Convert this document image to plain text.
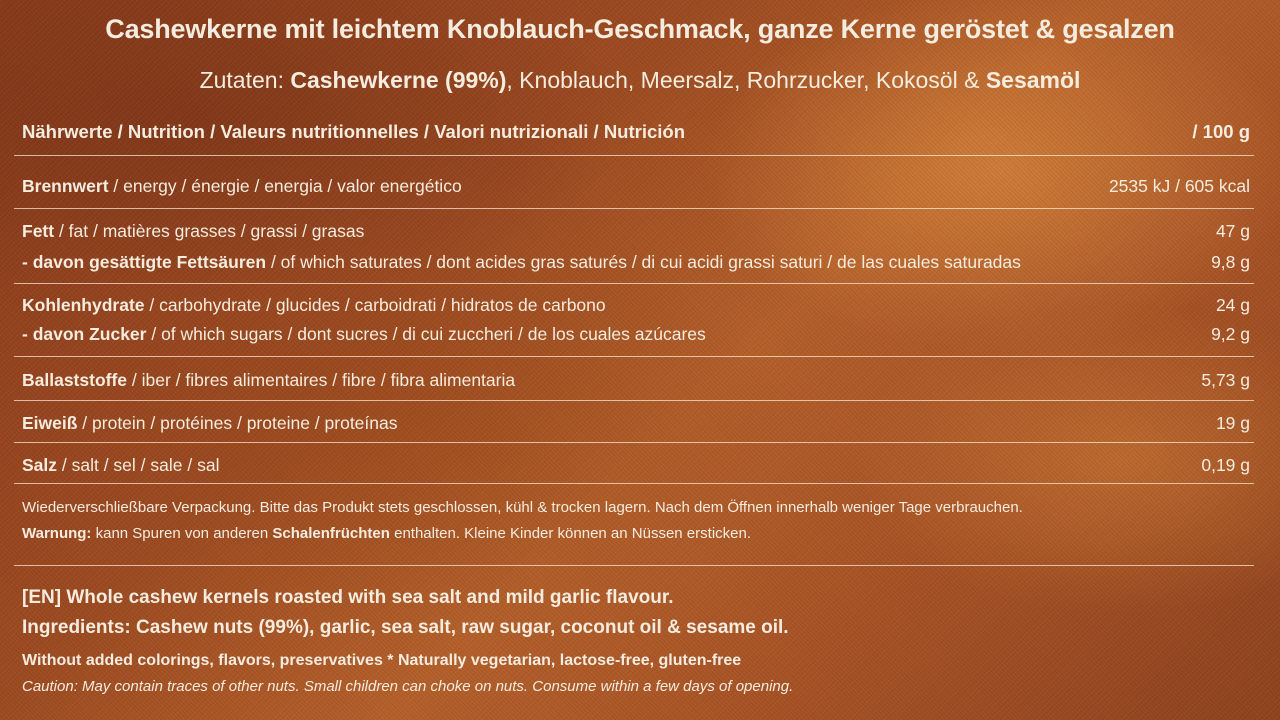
Cashewkerne mit leichtem Knoblauch-Geschmack, ganze Kerne geröstet & gesalzen
Zutaten: Cashewkerne (99%), Knoblauch, Meersalz, Rohrzucker, Kokosöl & Sesamöl
Nährwerte / Nutrition / Valeurs nutritionnelles / Valori nutrizionali / Nutrición	/ 100 g
Brennwert / energy / énergie / energia / valor energético	2535 kJ / 605 kcal
Fett / fat / matières grasses / grassi / grasas	47 g
- davon gesättigte Fettsäuren / of which saturates / dont acides gras saturés / di cui acidi grassi saturi / de las cuales saturadas	9,8 g
Kohlenhydrate / carbohydrate / glucides / carboidrati / hidratos de carbono	24 g
- davon Zucker / of which sugars / dont sucres / di cui zuccheri / de los cuales azúcares	9,2 g
Ballaststoffe / iber / fibres alimentaires / fibre / fibra alimentaria	5,73 g
Eiweiß / protein / protéines / proteine / proteínas	19 g
Salz / salt / sel / sale / sal	0,19 g
Wiederverschließbare Verpackung. Bitte das Produkt stets geschlossen, kühl & trocken lagern. Nach dem Öffnen innerhalb weniger Tage verbrauchen.
Warnung: kann Spuren von anderen Schalenfrüchten enthalten. Kleine Kinder können an Nüssen ersticken.
[EN] Whole cashew kernels roasted with sea salt and mild garlic flavour.
Ingredients: Cashew nuts (99%), garlic, sea salt, raw sugar, coconut oil & sesame oil.
Without added colorings, flavors, preservatives * Naturally vegetarian, lactose-free, gluten-free
Caution: May contain traces of other nuts. Small children can choke on nuts. Consume within a few days of opening.
